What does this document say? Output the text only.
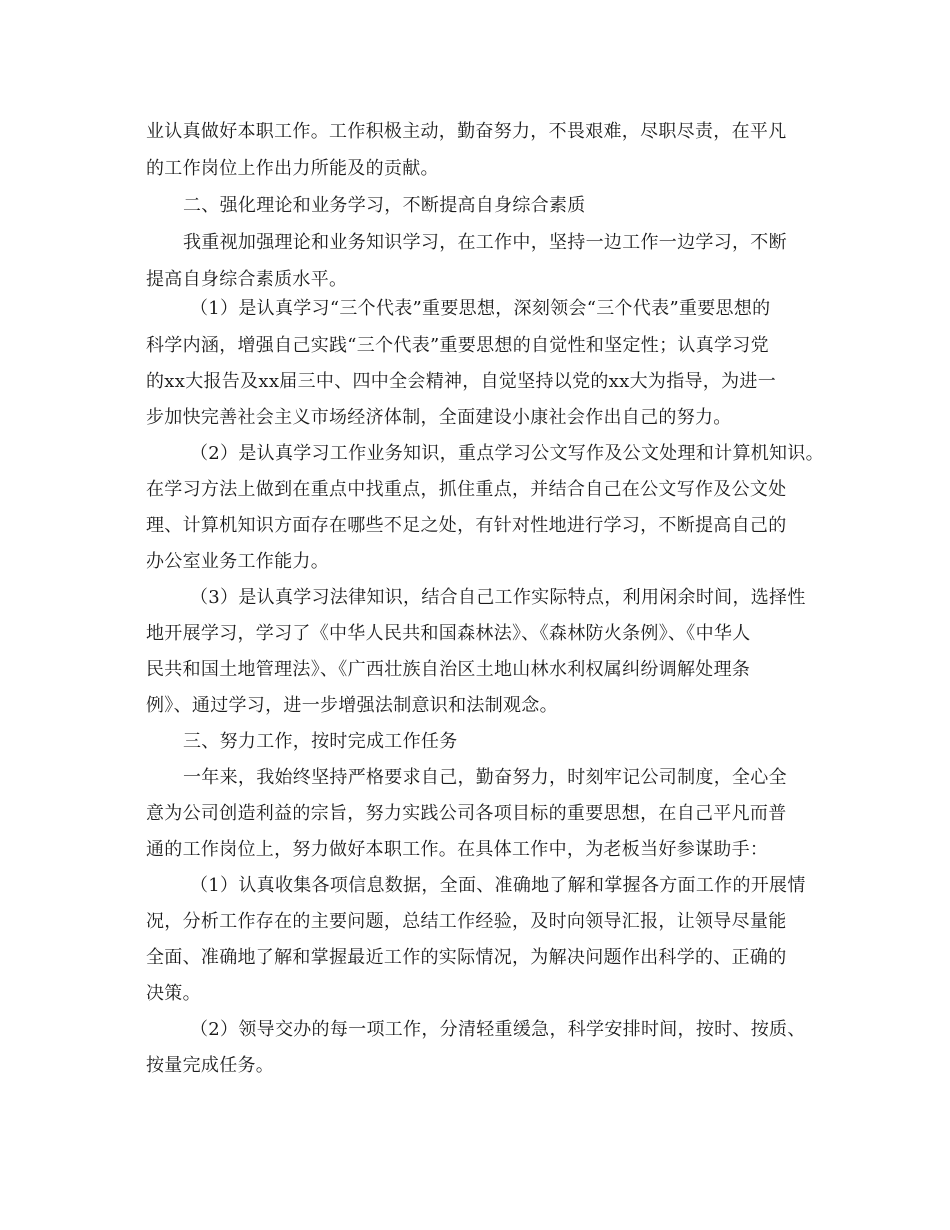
业认真做好本职工作。工作积极主动，勤奋努力，不畏艰难，尽职尽责，在平凡
的工作岗位上作出力所能及的贡献。
二、强化理论和业务学习，不断提高自身综合素质
我重视加强理论和业务知识学习，在工作中，坚持一边工作一边学习，不断
提高自身综合素质水平。
（1）是认真学习“三个代表”重要思想，深刻领会“三个代表”重要思想的
科学内涵，增强自己实践“三个代表”重要思想的自觉性和坚定性；认真学习党
的xx大报告及xx届三中、四中全会精神，自觉坚持以党的xx大为指导，为进一
步加快完善社会主义市场经济体制，全面建设小康社会作出自己的努力。
（2）是认真学习工作业务知识，重点学习公文写作及公文处理和计算机知识。
在学习方法上做到在重点中找重点，抓住重点，并结合自己在公文写作及公文处
理、计算机知识方面存在哪些不足之处，有针对性地进行学习，不断提高自己的
办公室业务工作能力。
（3）是认真学习法律知识，结合自己工作实际特点，利用闲余时间，选择性
地开展学习，学习了《中华人民共和国森林法》、《森林防火条例》、《中华人
民共和国土地管理法》、《广西壮族自治区土地山林水利权属纠纷调解处理条
例》、通过学习，进一步增强法制意识和法制观念。
三、努力工作，按时完成工作任务
一年来，我始终坚持严格要求自己，勤奋努力，时刻牢记公司制度，全心全
意为公司创造利益的宗旨，努力实践公司各项目标的重要思想，在自己平凡而普
通的工作岗位上，努力做好本职工作。在具体工作中，为老板当好参谋助手：
（1）认真收集各项信息数据，全面、准确地了解和掌握各方面工作的开展情
况，分析工作存在的主要问题，总结工作经验，及时向领导汇报，让领导尽量能
全面、准确地了解和掌握最近工作的实际情况，为解决问题作出科学的、正确的
决策。
（2）领导交办的每一项工作，分清轻重缓急，科学安排时间，按时、按质、
按量完成任务。
